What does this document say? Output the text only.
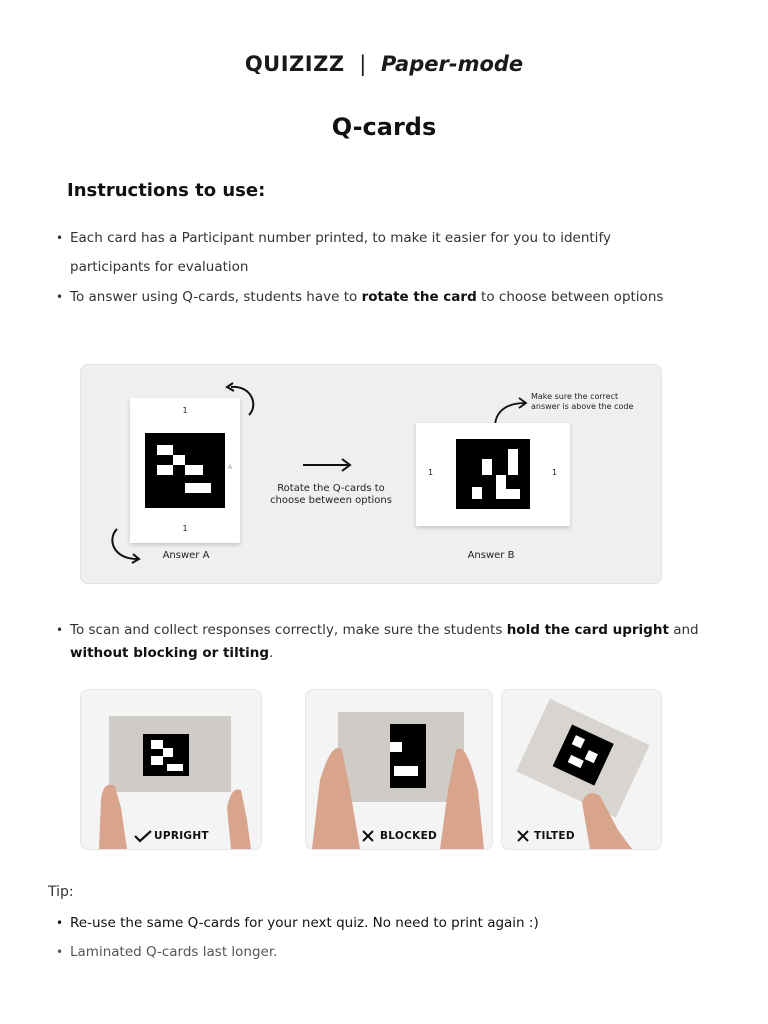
QUIZIZZ | Paper-mode
Q-cards
Instructions to use:
• Each card has a Participant number printed, to make it easier for you to identify
participants for evaluation
• To answer using Q-cards, students have to rotate the card to choose between options
1
1
A
Answer A
Rotate the Q-cards to
choose between options
Make sure the correct
answer is above the code
1	1
Answer B
• To scan and collect responses correctly, make sure the students hold the card upright and without blocking or tilting.
UPRIGHT	BLOCKED	TILTED
Tip:
• Re-use the same Q-cards for your next quiz. No need to print again :)
• Laminated Q-cards last longer.
